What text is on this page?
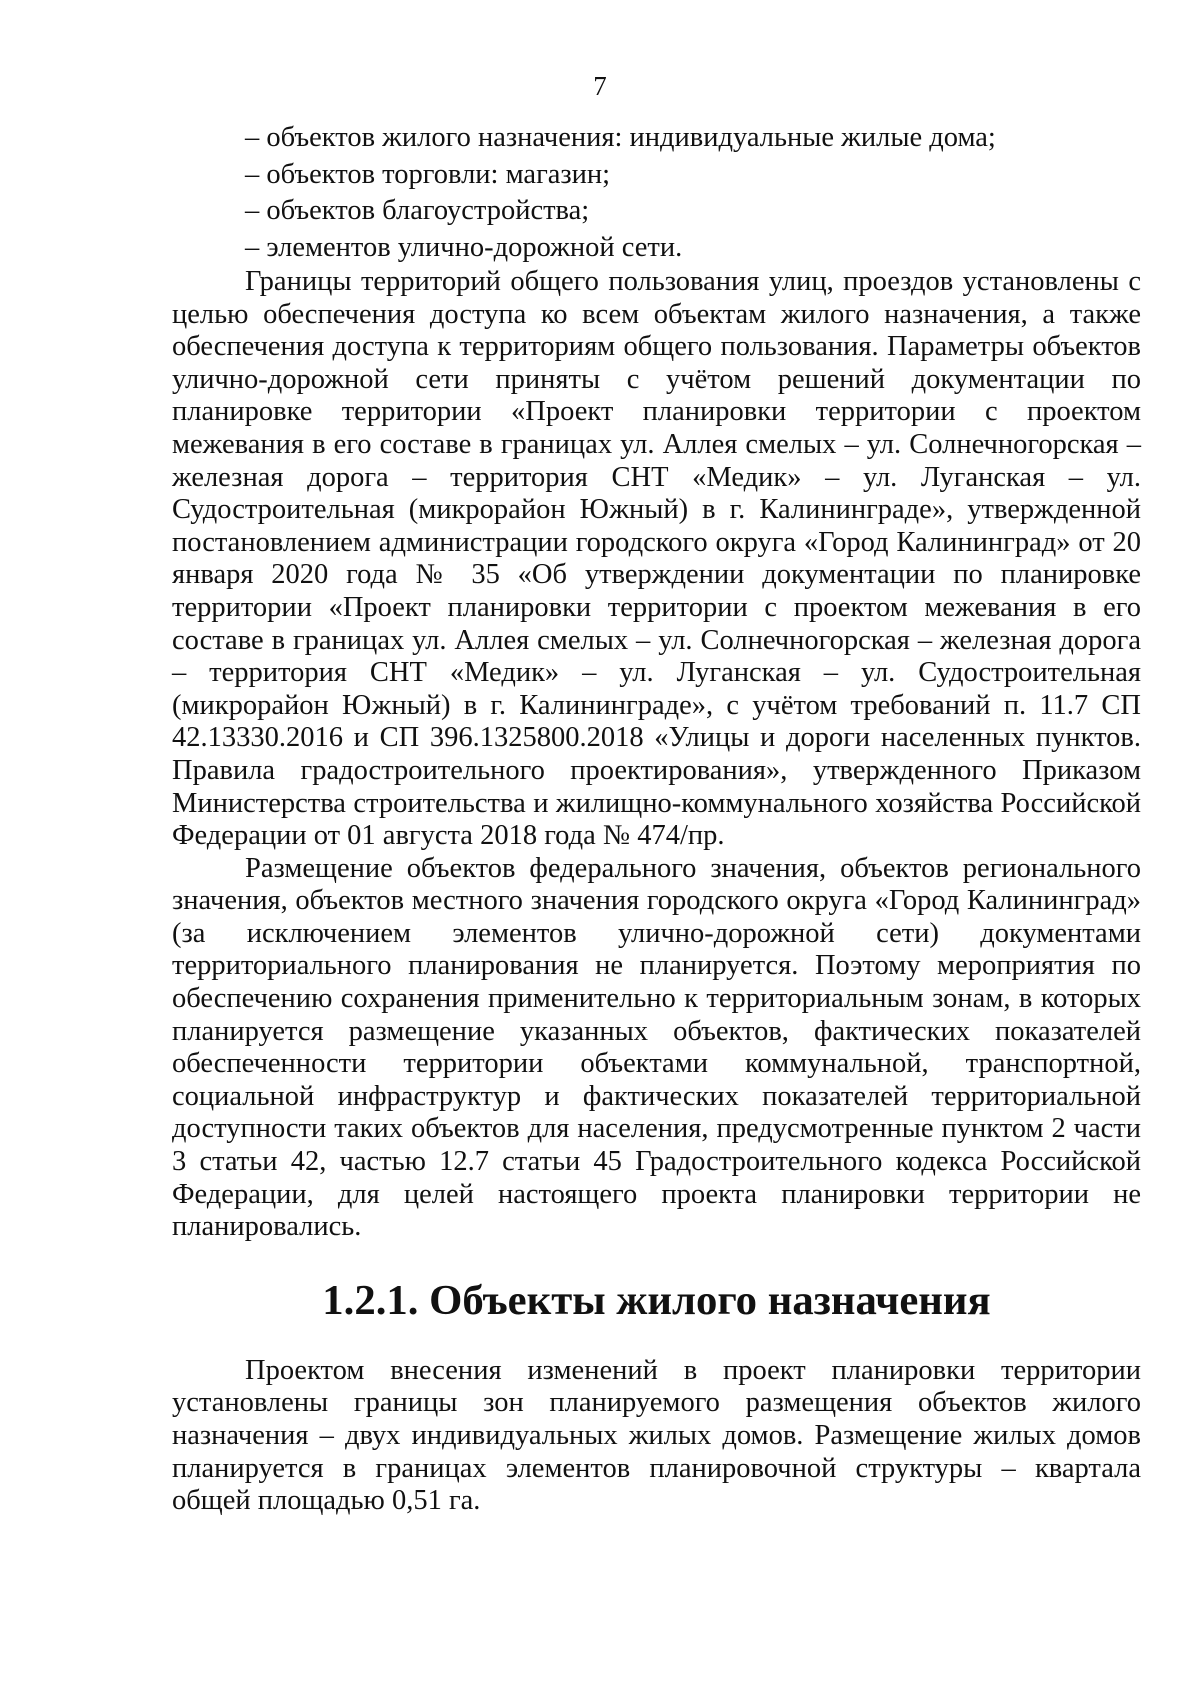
7
– объектов жилого назначения: индивидуальные жилые дома;
– объектов торговли: магазин;
– объектов благоустройства;
– элементов улично-дорожной сети.

Границы территорий общего пользования улиц, проездов установлены с целью обеспечения доступа ко всем объектам жилого назначения, а также обеспечения доступа к территориям общего пользования. Параметры объектов улично-дорожной сети приняты с учётом решений документации по планировке территории «Проект планировки территории с проектом межевания в его составе в границах ул. Аллея смелых – ул. Солнечногорская – железная дорога – территория СНТ «Медик» – ул. Луганская – ул. Судостроительная (микрорайон Южный) в г. Калининграде», утвержденной постановлением администрации городского округа «Город Калининград» от 20 января 2020 года № 35 «Об утверждении документации по планировке территории «Проект планировки территории с проектом межевания в его составе в границах ул. Аллея смелых – ул. Солнечногорская – железная дорога – территория СНТ «Медик» – ул. Луганская – ул. Судостроительная (микрорайон Южный) в г. Калининграде», с учётом требований п. 11.7 СП 42.13330.2016 и СП 396.1325800.2018 «Улицы и дороги населенных пунктов. Правила градостроительного проектирования», утвержденного Приказом Министерства строительства и жилищно-коммунального хозяйства Российской Федерации от 01 августа 2018 года № 474/пр.

Размещение объектов федерального значения, объектов регионального значения, объектов местного значения городского округа «Город Калининград» (за исключением элементов улично-дорожной сети) документами территориального планирования не планируется. Поэтому мероприятия по обеспечению сохранения применительно к территориальным зонам, в которых планируется размещение указанных объектов, фактических показателей обеспеченности территории объектами коммунальной, транспортной, социальной инфраструктур и фактических показателей территориальной доступности таких объектов для населения, предусмотренные пунктом 2 части 3 статьи 42, частью 12.7 статьи 45 Градостроительного кодекса Российской Федерации, для целей настоящего проекта планировки территории не планировались.

1.2.1. Объекты жилого назначения

Проектом внесения изменений в проект планировки территории установлены границы зон планируемого размещения объектов жилого назначения – двух индивидуальных жилых домов. Размещение жилых домов планируется в границах элементов планировочной структуры – квартала общей площадью 0,51 га.
